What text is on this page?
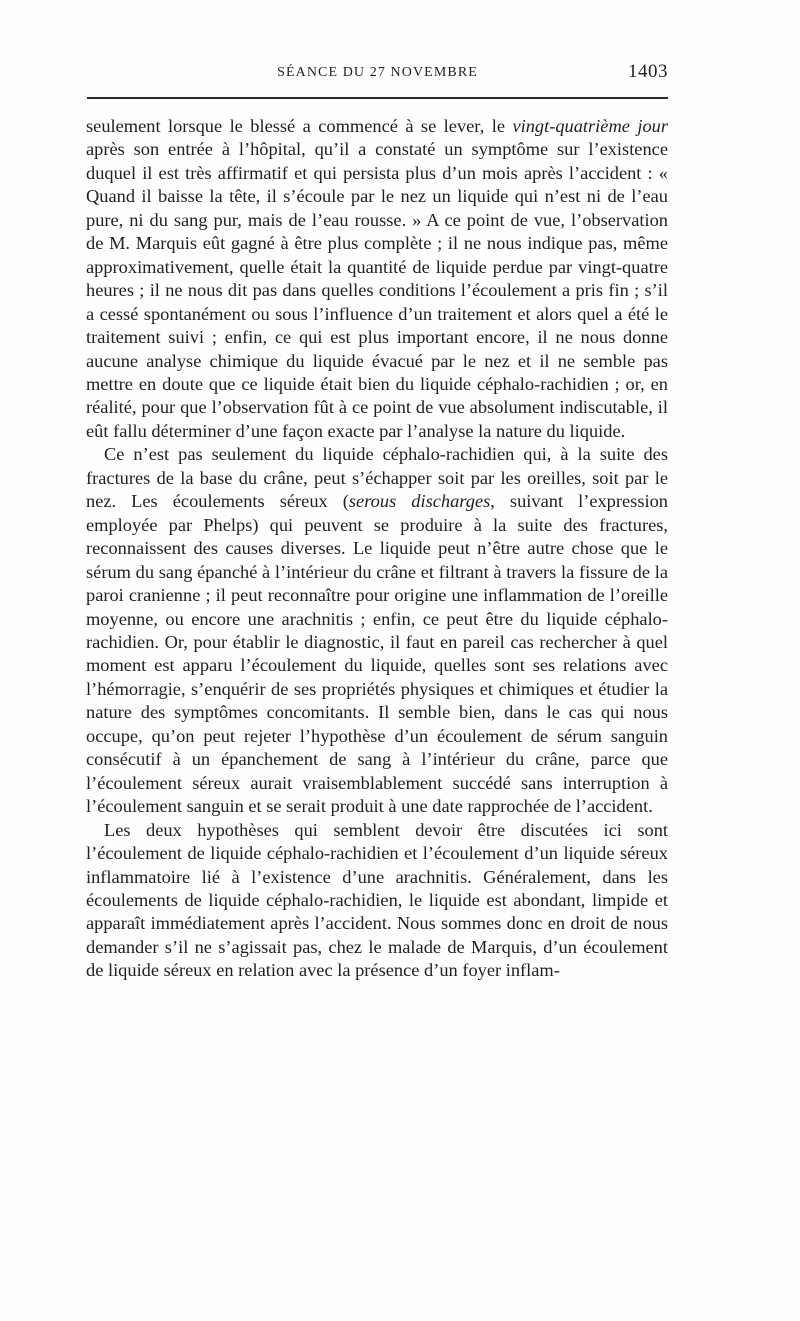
SÉANCE DU 27 NOVEMBRE	1403

seulement lorsque le blessé a commencé à se lever, le vingt-quatrième jour après son entrée à l’hôpital, qu’il a constaté un symptôme sur l’existence duquel il est très affirmatif et qui persista plus d’un mois après l’accident : « Quand il baisse la tête, il s’écoule par le nez un liquide qui n’est ni de l’eau pure, ni du sang pur, mais de l’eau rousse. » A ce point de vue, l’observation de M. Marquis eût gagné à être plus complète ; il ne nous indique pas, même approximativement, quelle était la quantité de liquide perdue par vingt-quatre heures ; il ne nous dit pas dans quelles conditions l’écoulement a pris fin ; s’il a cessé spontanément ou sous l’influence d’un traitement et alors quel a été le traitement suivi ; enfin, ce qui est plus important encore, il ne nous donne aucune analyse chimique du liquide évacué par le nez et il ne semble pas mettre en doute que ce liquide était bien du liquide céphalo-rachidien ; or, en réalité, pour que l’observation fût à ce point de vue absolument indiscutable, il eût fallu déterminer d’une façon exacte par l’analyse la nature du liquide.

Ce n’est pas seulement du liquide céphalo-rachidien qui, à la suite des fractures de la base du crâne, peut s’échapper soit par les oreilles, soit par le nez. Les écoulements séreux (serous discharges, suivant l’expression employée par Phelps) qui peuvent se produire à la suite des fractures, reconnaissent des causes diverses. Le liquide peut n’être autre chose que le sérum du sang épanché à l’intérieur du crâne et filtrant à travers la fissure de la paroi cranienne ; il peut reconnaître pour origine une inflammation de l’oreille moyenne, ou encore une arachnitis ; enfin, ce peut être du liquide céphalo-rachidien. Or, pour établir le diagnostic, il faut en pareil cas rechercher à quel moment est apparu l’écoulement du liquide, quelles sont ses relations avec l’hémorragie, s’enquérir de ses propriétés physiques et chimiques et étudier la nature des symptômes concomitants. Il semble bien, dans le cas qui nous occupe, qu’on peut rejeter l’hypothèse d’un écoulement de sérum sanguin consécutif à un épanchement de sang à l’intérieur du crâne, parce que l’écoulement séreux aurait vraisemblablement succédé sans interruption à l’écoulement sanguin et se serait produit à une date rapprochée de l’accident.

Les deux hypothèses qui semblent devoir être discutées ici sont l’écoulement de liquide céphalo-rachidien et l’écoulement d’un liquide séreux inflammatoire lié à l’existence d’une arachnitis. Généralement, dans les écoulements de liquide céphalo-rachidien, le liquide est abondant, limpide et apparaît immédiatement après l’accident. Nous sommes donc en droit de nous demander s’il ne s’agissait pas, chez le malade de Marquis, d’un écoulement de liquide séreux en relation avec la présence d’un foyer inflam-
